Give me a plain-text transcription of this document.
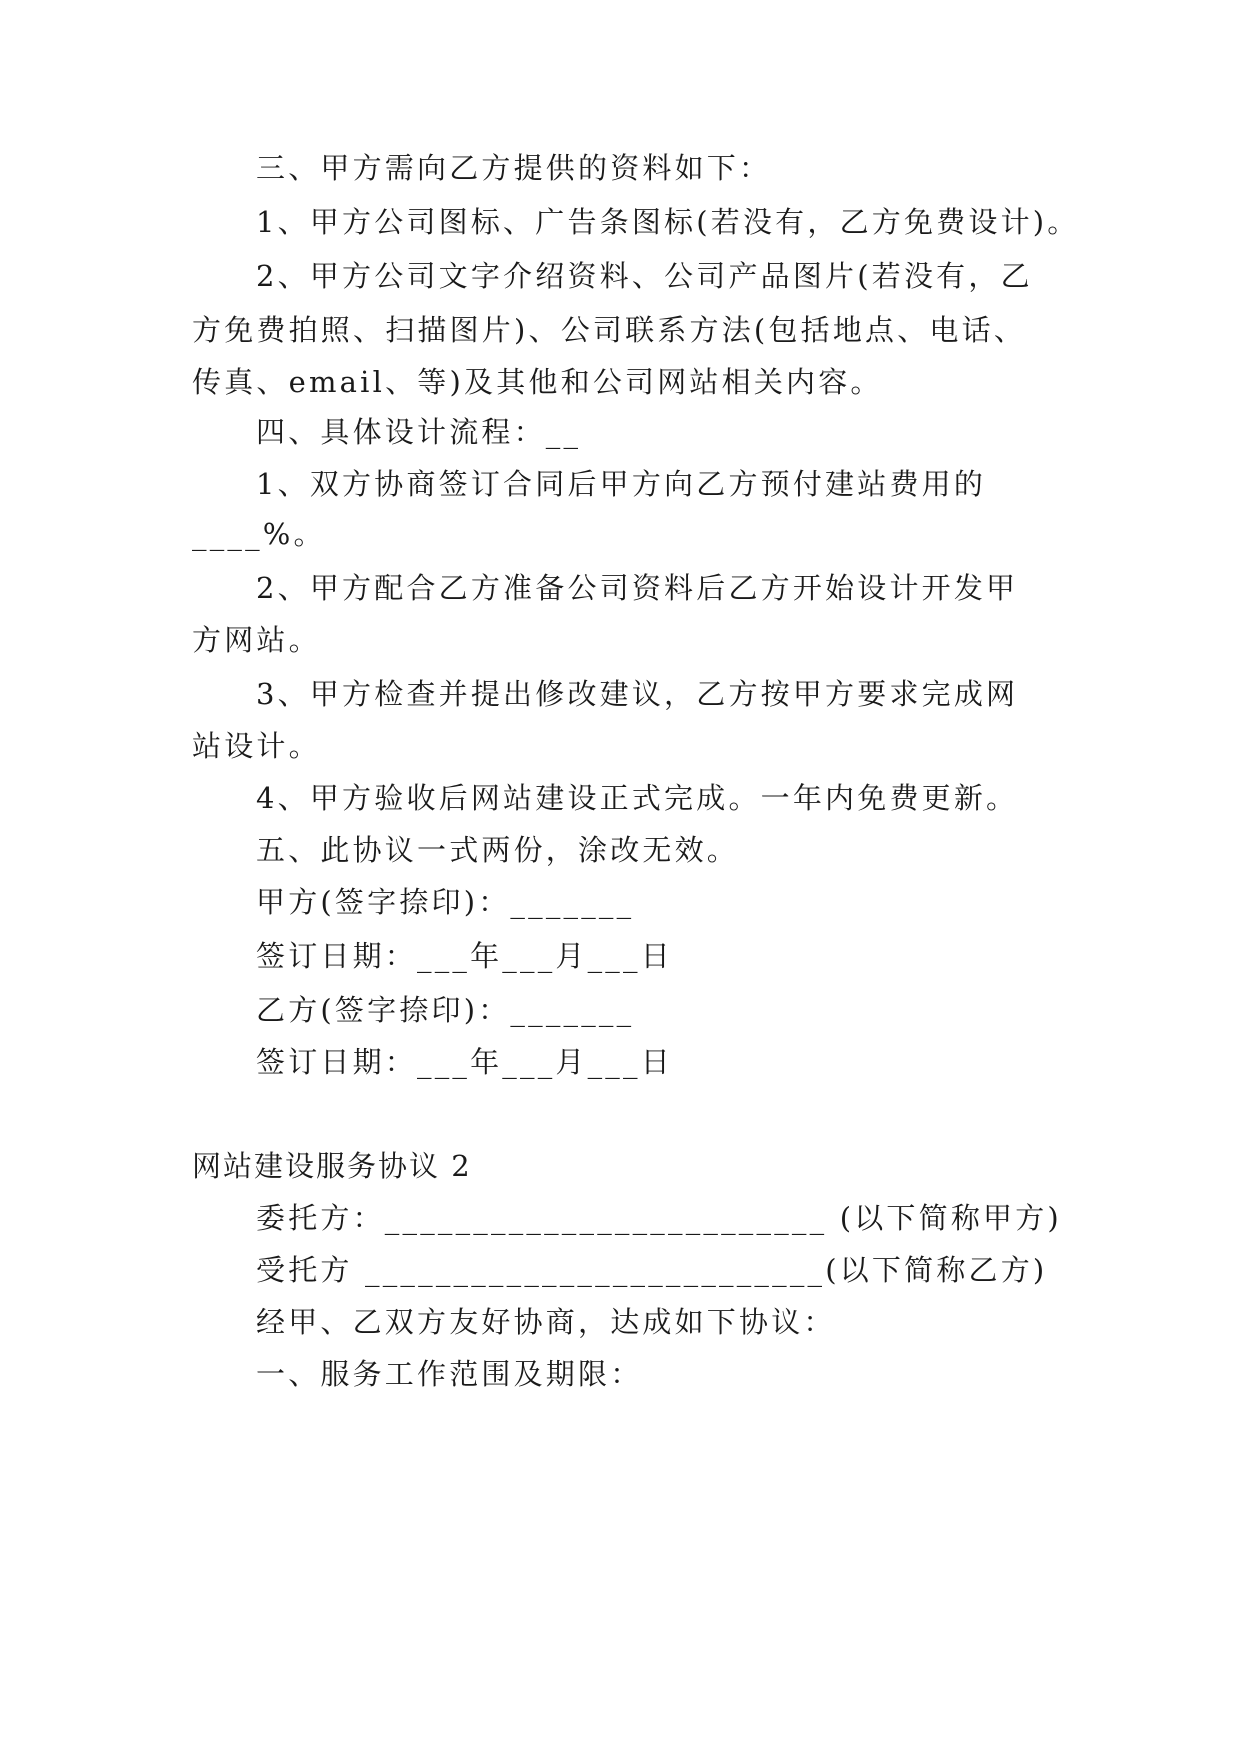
三、甲方需向乙方提供的资料如下：
1、甲方公司图标、广告条图标(若没有，乙方免费设计)。
2、甲方公司文字介绍资料、公司产品图片(若没有，乙
方免费拍照、扫描图片)、公司联系方法(包括地点、电话、
传真、email、等)及其他和公司网站相关内容。
四、具体设计流程：__
1、双方协商签订合同后甲方向乙方预付建站费用的
____%。
2、甲方配合乙方准备公司资料后乙方开始设计开发甲
方网站。
3、甲方检查并提出修改建议，乙方按甲方要求完成网
站设计。
4、甲方验收后网站建设正式完成。一年内免费更新。
五、此协议一式两份，涂改无效。
甲方(签字捺印)：_______
签订日期：___年___月___日
乙方(签字捺印)：_______
签订日期：___年___月___日
网站建设服务协议 2
委托方：_________________________ (以下简称甲方)
受托方 __________________________(以下简称乙方)
经甲、乙双方友好协商，达成如下协议：
一、服务工作范围及期限：
